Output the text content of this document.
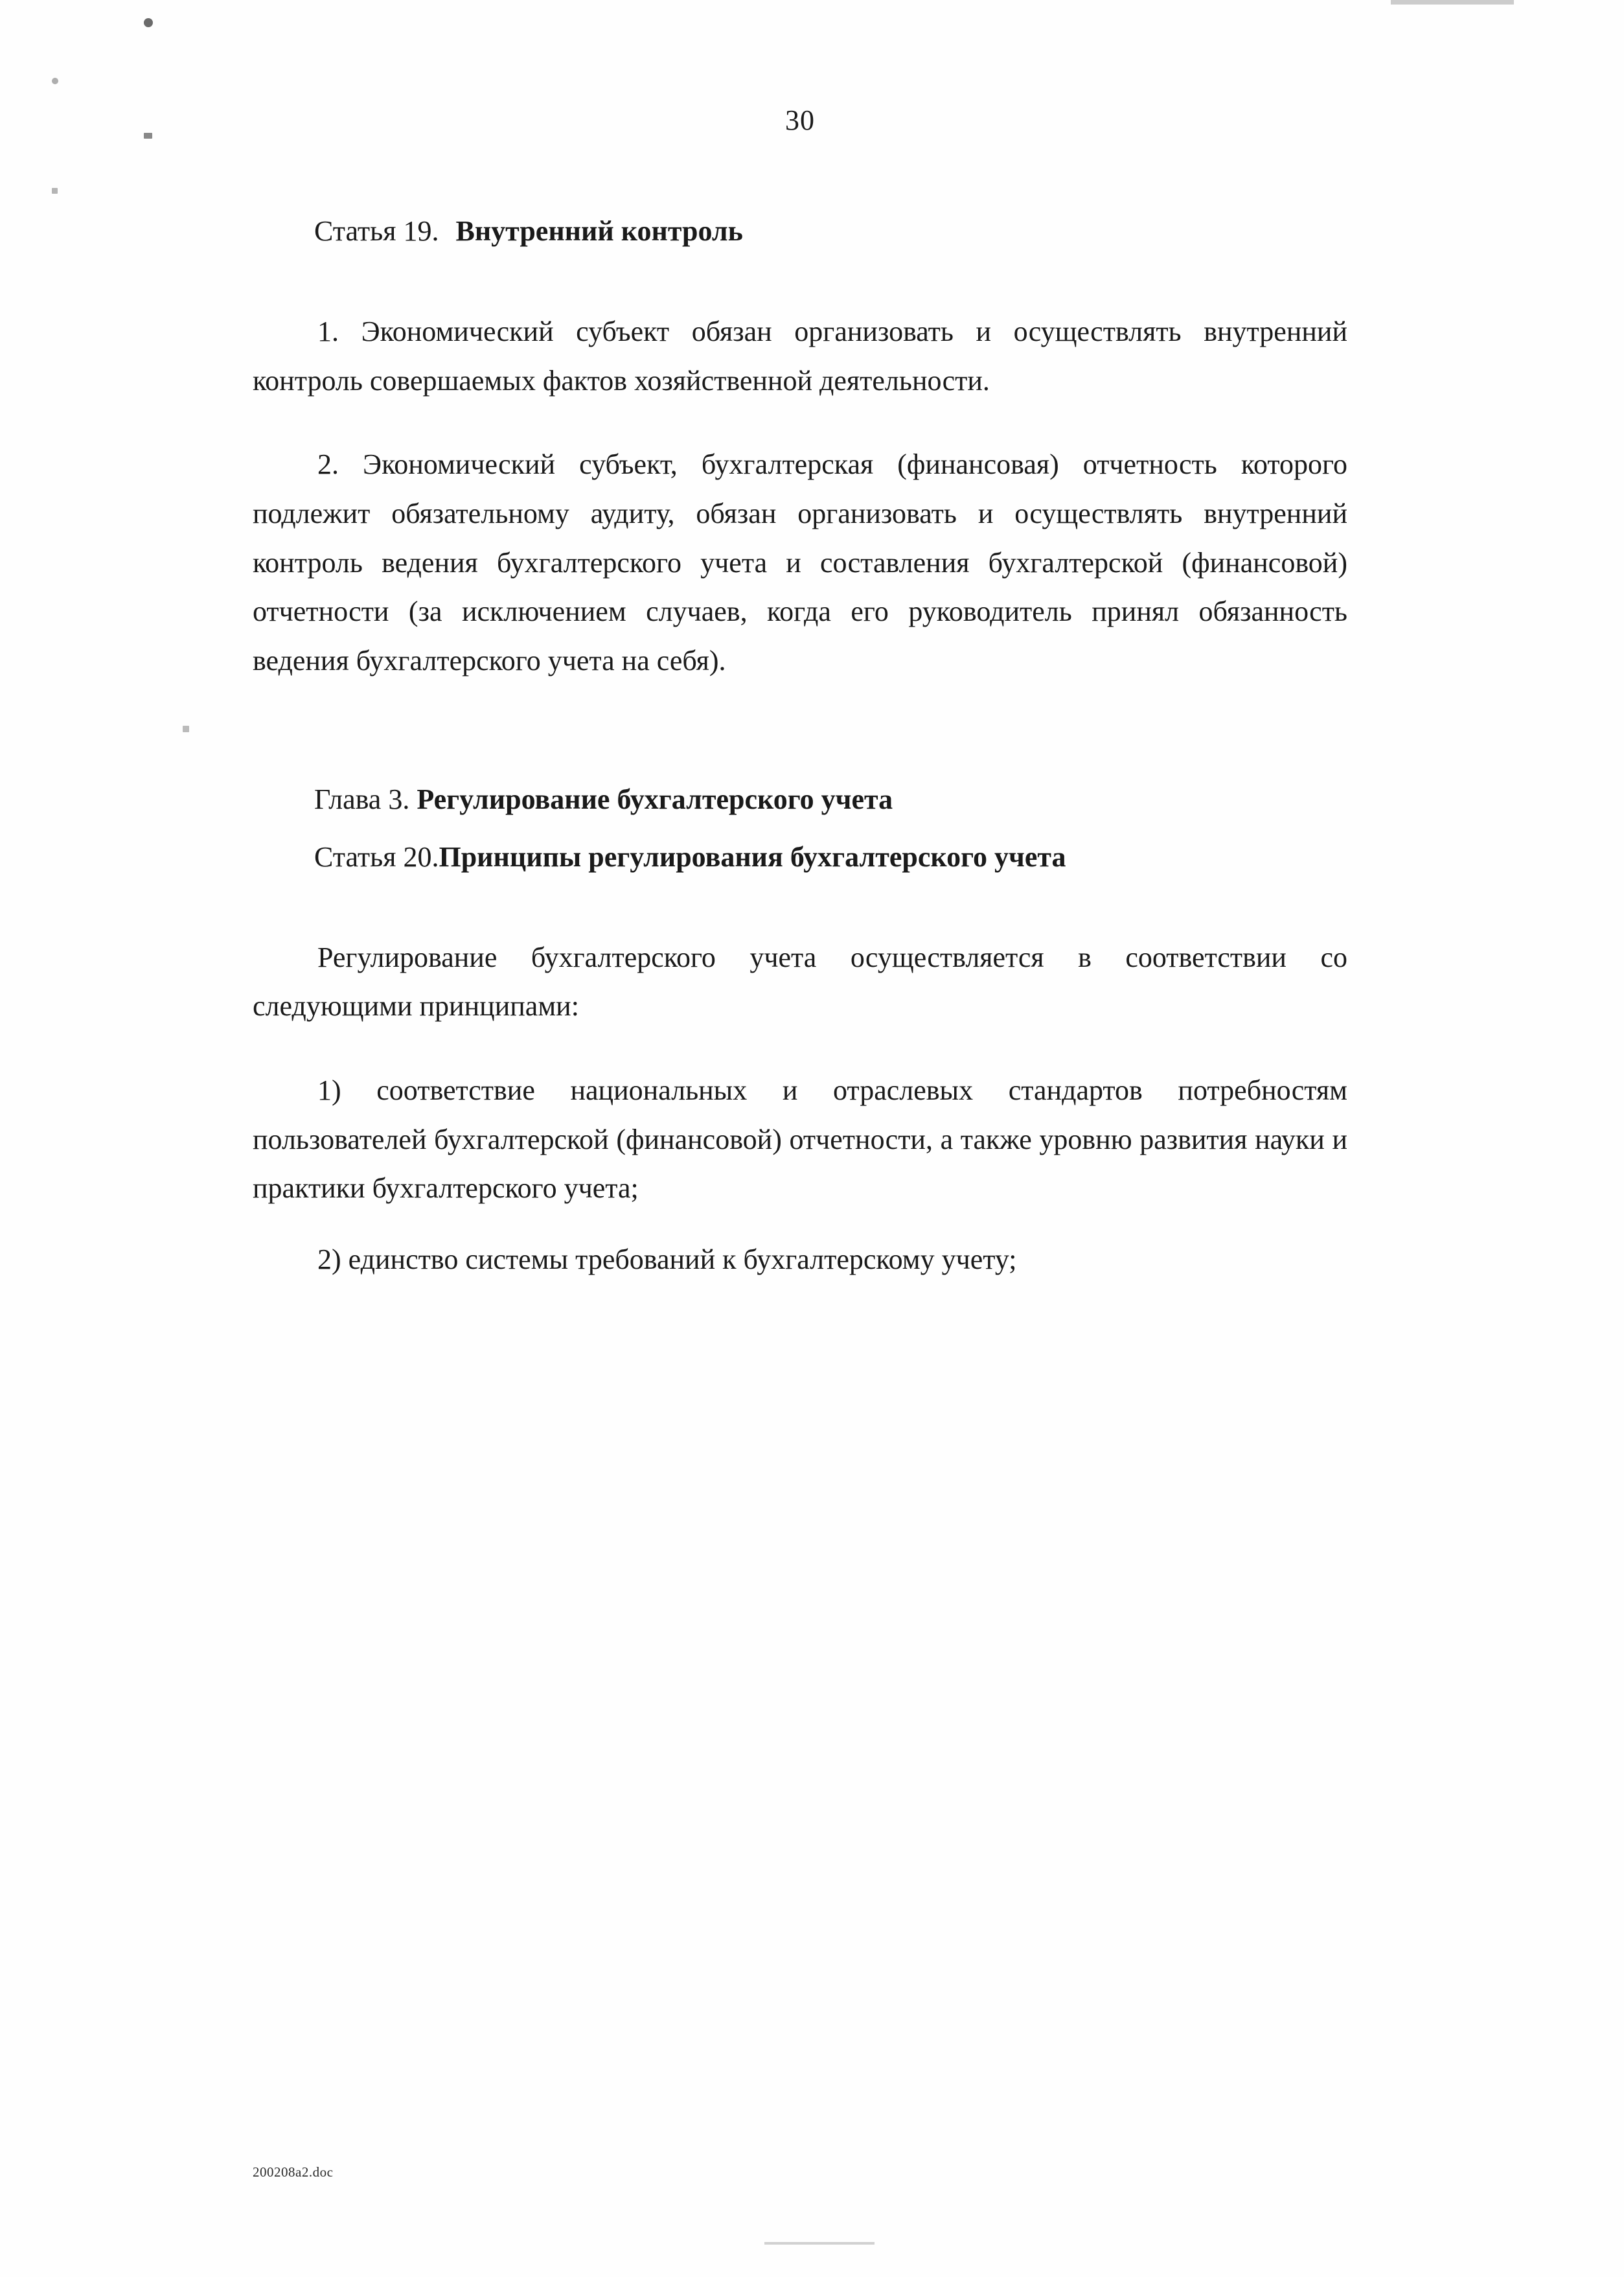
30
Статья 19. Внутренний контроль

1. Экономический субъект обязан организовать и осуществлять внутренний контроль совершаемых фактов хозяйственной деятельности.

2. Экономический субъект, бухгалтерская (финансовая) отчетность которого подлежит обязательному аудиту, обязан организовать и осуществлять внутренний контроль ведения бухгалтерского учета и составления бухгалтерской (финансовой) отчетности (за исключением случаев, когда его руководитель принял обязанность ведения бухгалтерского учета на себя).

Глава 3. Регулирование бухгалтерского учета
Статья 20.Принципы регулирования бухгалтерского учета

Регулирование бухгалтерского учета осуществляется в соответствии со следующими принципами:

1) соответствие национальных и отраслевых стандартов потребностям пользователей бухгалтерской (финансовой) отчетности, а также уровню развития науки и практики бухгалтерского учета;

2) единство системы требований к бухгалтерскому учету;

200208a2.doc
